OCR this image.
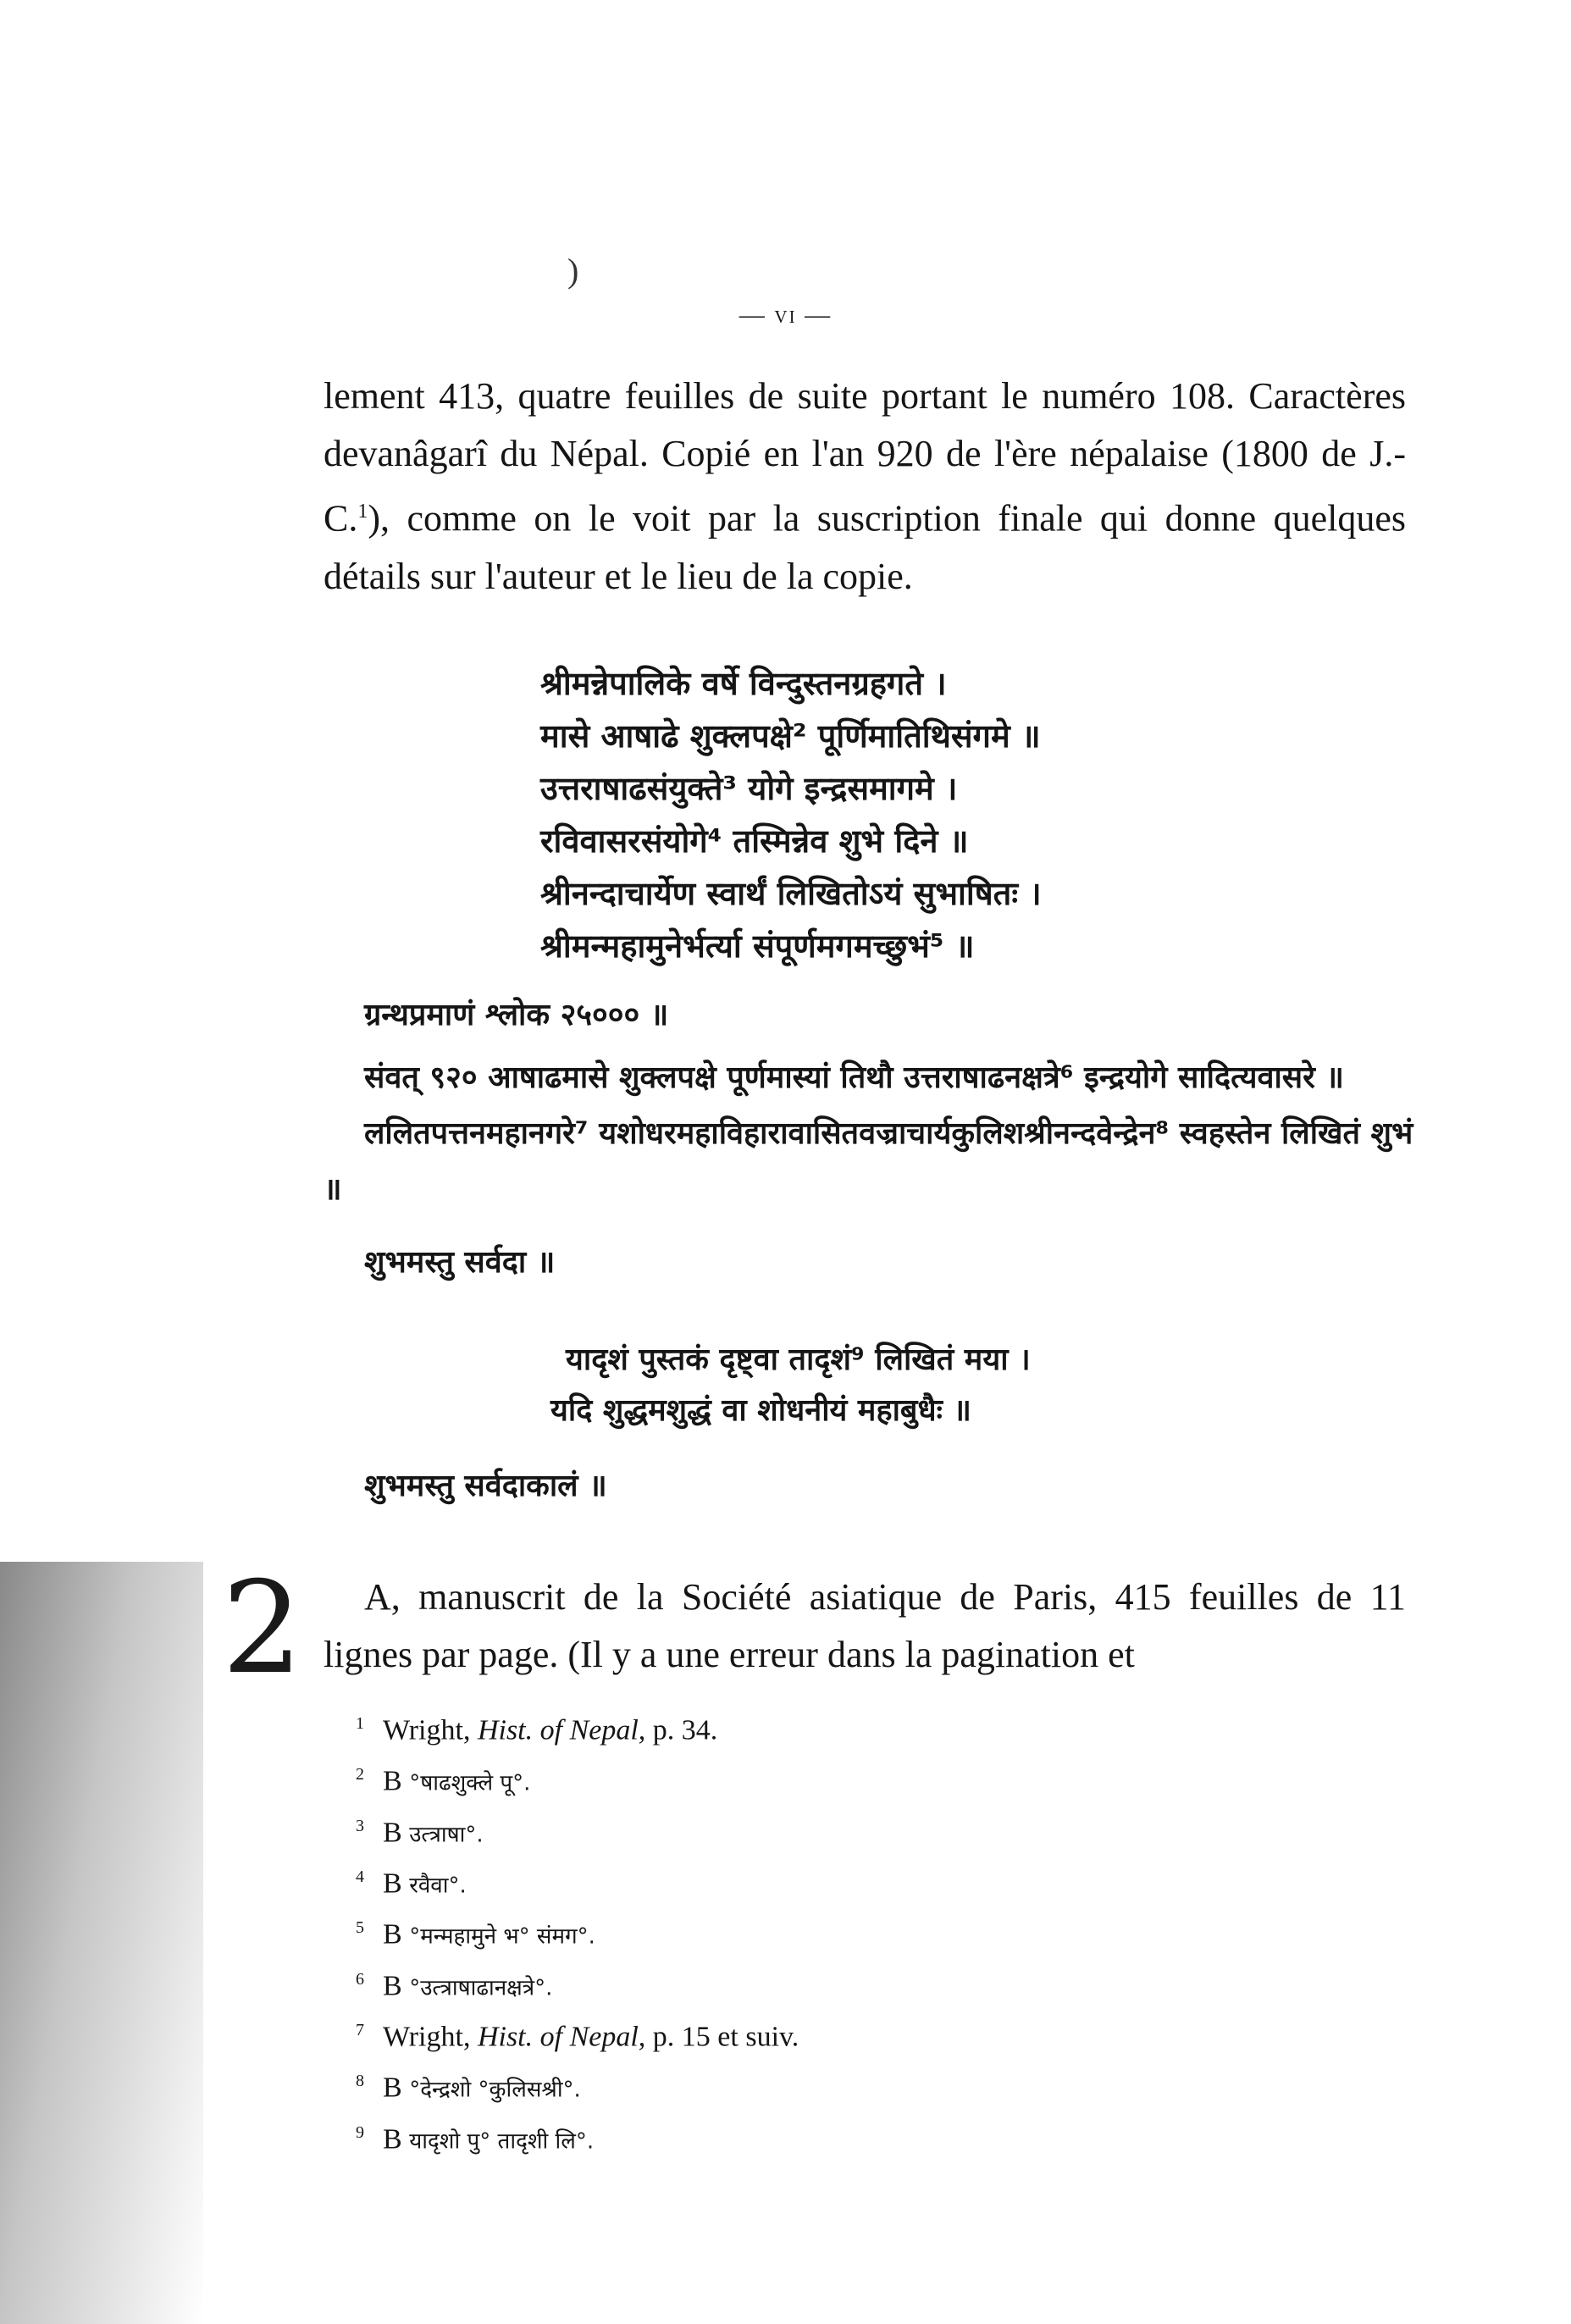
)
— vi —

lement 413, quatre feuilles de suite portant le numéro 108. Caractères devanâgarî du Népal. Copié en l'an 920 de l'ère népalaise (1800 de J.-C.$^1$), comme on le voit par la suscription finale qui donne quelques détails sur l'auteur et le lieu de la copie.

श्रीमन्नेपालिके वर्षे विन्दुस्तनग्रहगते ।
मासे आषाढे शुक्लपक्षे² पूर्णिमातिथिसंगमे ॥
उत्तराषाढसंयुक्ते³ योगे इन्द्रसमागमे ।
रविवासरसंयोगे⁴ तस्मिन्नेव शुभे दिने ॥
श्रीनन्दाचार्येण स्वार्थं लिखितोऽयं सुभाषितः ।
श्रीमन्महामुनेर्भर्त्या संपूर्णमगमच्छुभं⁵ ॥
ग्रन्थप्रमाणं श्लोक २५००० ॥
संवत् ९२० आषाढमासे शुक्लपक्षे पूर्णमास्यां तिथौ उत्तराषाढनक्षत्रे⁶ इन्द्रयोगे सादित्यवासरे ॥
ललितपत्तनमहानगरे⁷ यशोधरमहाविहारावासितवज्राचार्यकुलिशश्रीनन्दवेन्द्रेन⁸ स्वहस्तेन लिखितं शुभं ॥
शुभमस्तु सर्वदा ॥
यादृशं पुस्तकं दृष्ट्वा तादृशं⁹ लिखितं मया ।
यदि शुद्धमशुद्धं वा शोधनीयं महाबुधैः ॥
शुभमस्तु सर्वदाकालं ॥
2	A, manuscrit de la Société asiatique de Paris, 415 feuilles de 11 lignes par page. (Il y a une erreur dans la pagination et
1 Wright, Hist. of Nepal, p. 34.
2 B °षाढशुक्ले पू°.
3 B उत्त्राषा°.
4 B रवैवा°.
5 B °मन्महामुने भ° संमग°.
6 B °उत्त्राषाढानक्षत्रे°.
7 Wright, Hist. of Nepal, p. 15 et suiv.
8 B °देन्द्रशो °कुलिसश्री°.
9 B यादृशो पु° तादृशी लि°.
